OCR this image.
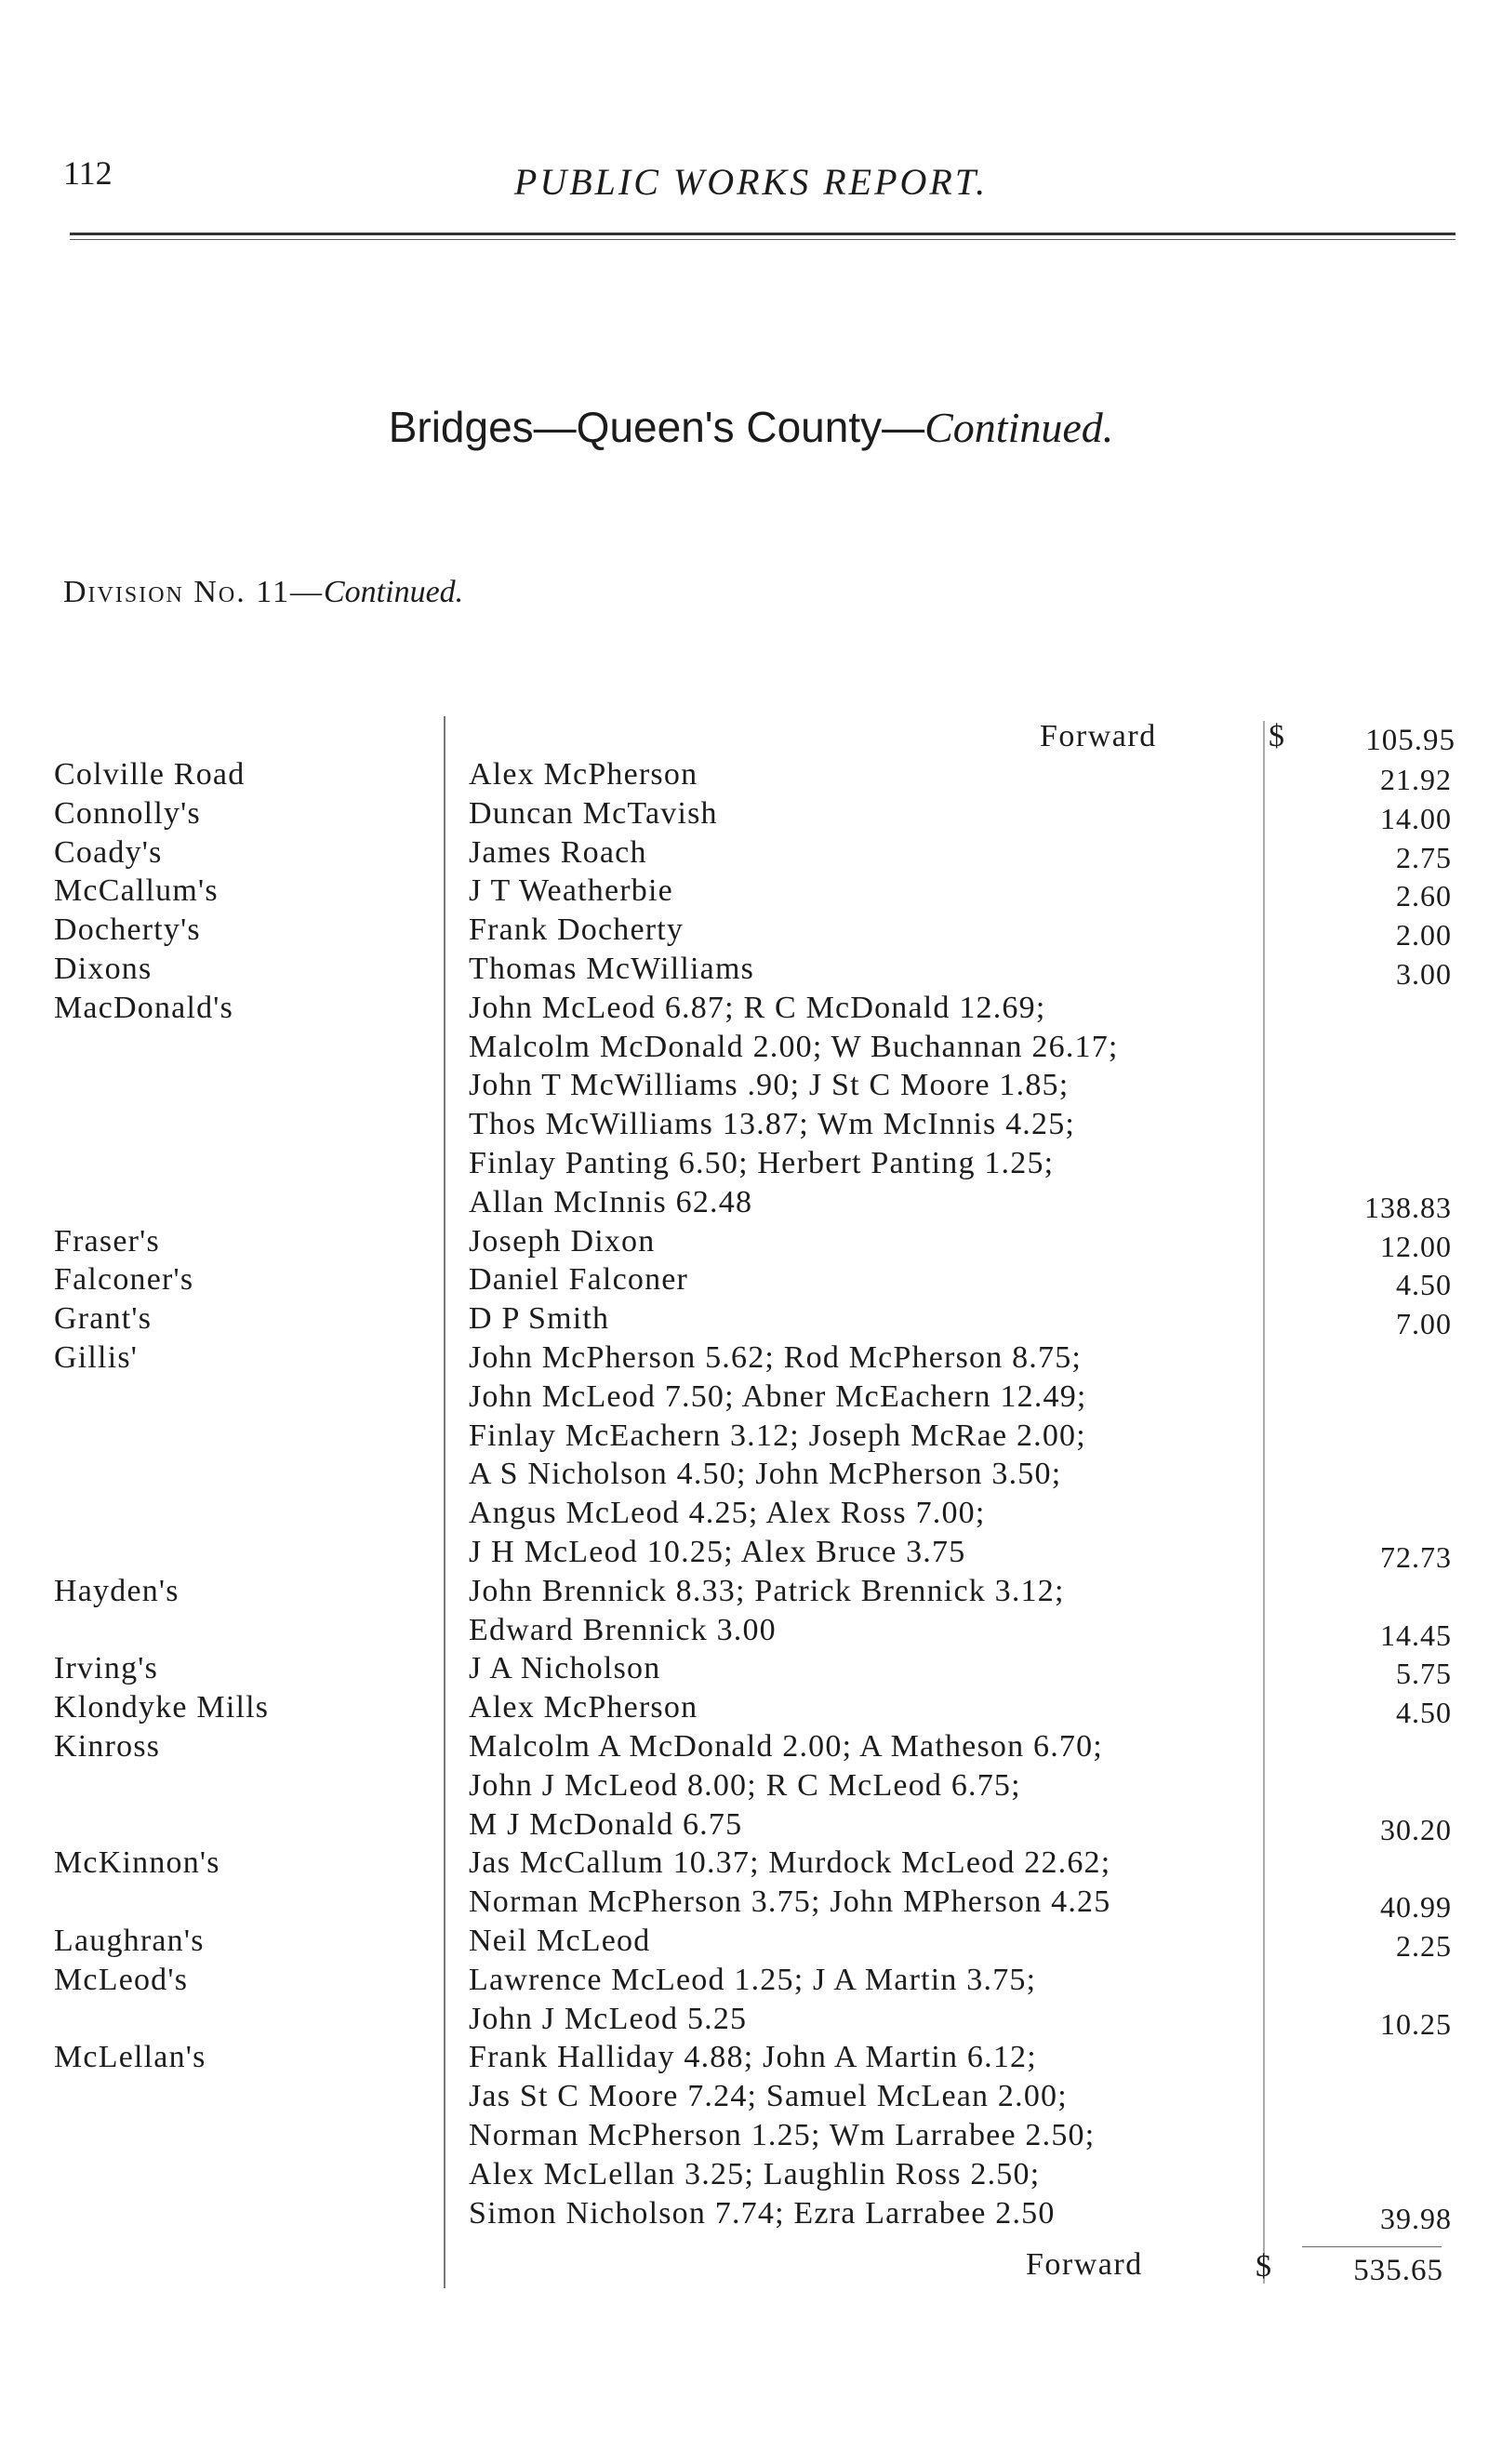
112	PUBLIC WORKS REPORT.
Bridges—Queen's County—Continued.
Division No. 11—Continued.
Forward	$	105.95
Colville Road	Alex McPherson	21.92
Connolly's	Duncan McTavish	14.00
Coady's	James Roach	2.75
McCallum's	J T Weatherbie	2.60
Docherty's	Frank Docherty	2.00
Dixons	Thomas McWilliams	3.00
MacDonald's	John McLeod 6.87; R C McDonald 12.69;
Malcolm McDonald 2.00; W Buchannan 26.17;
John T McWilliams .90; J St C Moore 1.85;
Thos McWilliams 13.87; Wm McInnis 4.25;
Finlay Panting 6.50; Herbert Panting 1.25;
Allan McInnis 62.48	138.83
Fraser's	Joseph Dixon	12.00
Falconer's	Daniel Falconer	4.50
Grant's	D P Smith	7.00
Gillis'	John McPherson 5.62; Rod McPherson 8.75;
John McLeod 7.50; Abner McEachern 12.49;
Finlay McEachern 3.12; Joseph McRae 2.00;
A S Nicholson 4.50; John McPherson 3.50;
Angus McLeod 4.25; Alex Ross 7.00;
J H McLeod 10.25; Alex Bruce 3.75	72.73
Hayden's	John Brennick 8.33; Patrick Brennick 3.12;
Edward Brennick 3.00	14.45
Irving's	J A Nicholson	5.75
Klondyke Mills	Alex McPherson	4.50
Kinross	Malcolm A McDonald 2.00; A Matheson 6.70;
John J McLeod 8.00; R C McLeod 6.75;
M J McDonald 6.75	30.20
McKinnon's	Jas McCallum 10.37; Murdock McLeod 22.62;
Norman McPherson 3.75; John MPherson 4.25	40.99
Laughran's	Neil McLeod	2.25
McLeod's	Lawrence McLeod 1.25; J A Martin 3.75;
John J McLeod 5.25	10.25
McLellan's	Frank Halliday 4.88; John A Martin 6.12;
Jas St C Moore 7.24; Samuel McLean 2.00;
Norman McPherson 1.25; Wm Larrabee 2.50;
Alex McLellan 3.25; Laughlin Ross 2.50;
Simon Nicholson 7.74; Ezra Larrabee 2.50	39.98
Forward	$	535.65
